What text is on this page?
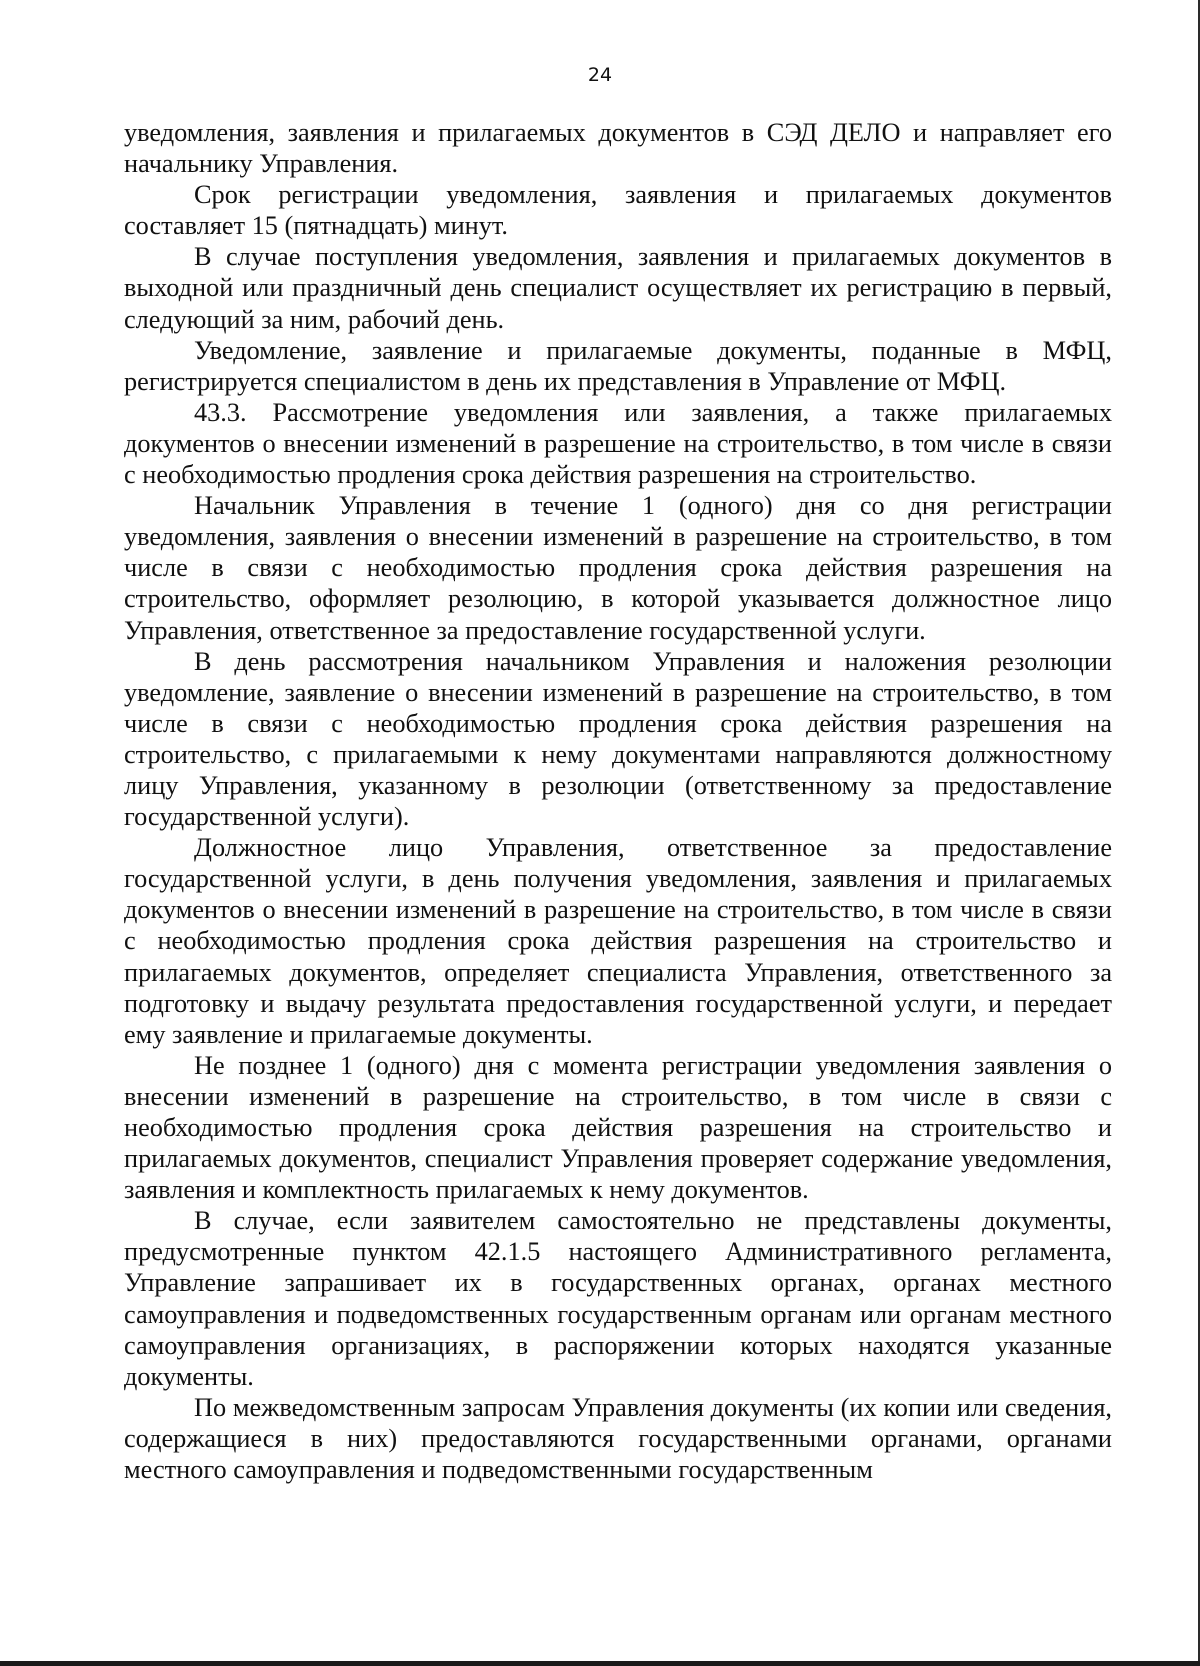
24

уведомления, заявления и прилагаемых документов в СЭД ДЕЛО и направляет его начальнику Управления.

Срок регистрации уведомления, заявления и прилагаемых документов составляет 15 (пятнадцать) минут.

В случае поступления уведомления, заявления и прилагаемых документов в выходной или праздничный день специалист осуществляет их регистрацию в первый, следующий за ним, рабочий день.

Уведомление, заявление и прилагаемые документы, поданные в МФЦ, регистрируется специалистом в день их представления в Управление от МФЦ.

43.3. Рассмотрение уведомления или заявления, а также прилагаемых документов о внесении изменений в разрешение на строительство, в том числе в связи с необходимостью продления срока действия разрешения на строительство.

Начальник Управления в течение 1 (одного) дня со дня регистрации уведомления, заявления о внесении изменений в разрешение на строительство, в том числе в связи с необходимостью продления срока действия разрешения на строительство, оформляет резолюцию, в которой указывается должностное лицо Управления, ответственное за предоставление государственной услуги.

В день рассмотрения начальником Управления и наложения резолюции уведомление, заявление о внесении изменений в разрешение на строительство, в том числе в связи с необходимостью продления срока действия разрешения на строительство, с прилагаемыми к нему документами направляются должностному лицу Управления, указанному в резолюции (ответственному за предоставление государственной услуги).

Должностное лицо Управления, ответственное за предоставление государственной услуги, в день получения уведомления, заявления и прилагаемых документов о внесении изменений в разрешение на строительство, в том числе в связи с необходимостью продления срока действия разрешения на строительство и прилагаемых документов, определяет специалиста Управления, ответственного за подготовку и выдачу результата предоставления государственной услуги, и передает ему заявление и прилагаемые документы.

Не позднее 1 (одного) дня с момента регистрации уведомления заявления о внесении изменений в разрешение на строительство, в том числе в связи с необходимостью продления срока действия разрешения на строительство и прилагаемых документов, специалист Управления проверяет содержание уведомления, заявления и комплектность прилагаемых к нему документов.

В случае, если заявителем самостоятельно не представлены документы, предусмотренные пунктом 42.1.5 настоящего Административного регламента, Управление запрашивает их в государственных органах, органах местного самоуправления и подведомственных государственным органам или органам местного самоуправления организациях, в распоряжении которых находятся указанные документы.

По межведомственным запросам Управления документы (их копии или сведения, содержащиеся в них) предоставляются государственными органами, органами местного самоуправления и подведомственными государственным
